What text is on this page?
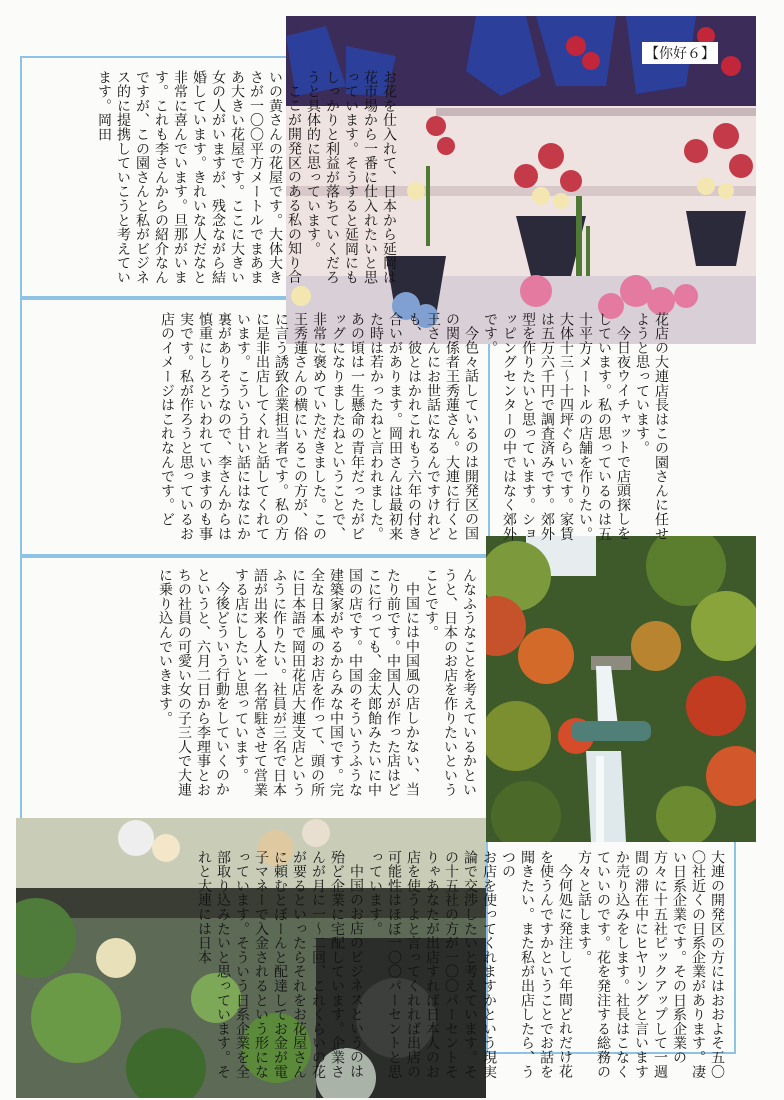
【你好６】

お花を仕入れて、日本から延岡は花市場から一番に仕入れたいと思っています。そうすると延岡にもしっかりと利益が落ちていくだろうと具体的に思っています。

ここが開発区のある私の知り合いの黄さんの花屋です。大体大きさが一〇〇平方メートルでまあまあ大きい花屋です。ここに大きい女の人がいますが、残念ながら結婚しています。きれいな人だなと非常に喜んでいます。旦那がいます。これも李さんからの紹介なんですが、この園さんと私がビジネス的に提携していこうと考えています。岡田

花店の大連店長はこの園さんに任せようと思っています。

今日夜ウイチャットで店頭探しをしています。私の思っているのは五十平方メートルの店舗を作りたい。大体十三〜十四坪ぐらいです。家賃は五万六千円で調査済みです。郊外型を作りたいと思っています。ショッピングセンターの中ではなく郊外です。

今色々話しているのは開発区の国の関係者王秀蓮さん。大連に行くと王さんにお世話になるんですけれども、彼とはかれこれもう六年の付き合いがあります。岡田さんは最初来た時は若かったねと言われました。あの頃は一生懸命の青年だったがビッグになりましたねということで、非常に褒めていただきました。この王秀蓮さんの横にいるこの方が、俗に言う誘致企業担当者です。私の方に是非出店してくれと話してくれています。こういう甘い話にはなにか裏がありそうなので、李さんからは慎重にしろといわれていますのも事実です。私が作ろうと思っているお店のイメージはこれなんです。ど

んなふうなことを考えているかというと、日本のお店を作りたいということです。

中国には中国風の店しかない、当たり前です。中国人が作った店はどこに行っても、金太郎飴みたいに中国の店です。中国のそういうふうな建築家がやるからみな中国です。完全な日本風のお店を作って、頭の所に日本語で岡田花店大連支店というふうに作りたい。社員が三名で日本語が出来る人を一名常駐させて営業する店にしたいと思っています。

今後どういう行動をしていくのかというと、六月二日から李理事とおちの社員の可愛い女の子三人で大連に乗り込んでいきます。

大連の開発区の方にはおおよそ五〇〇社近くの日系企業があります。凄い日系企業です。その日系企業の方々に十五社ピックアップして一週間の滞在中にヒヤリングと言いますか売り込みをします。社長はこなくていいのです。花を発注する総務の方々と話します。

今何処に発注して年間どれだけ花を使うんですかということでお話を聞きたい。また私が出店したら、うつの

お店を使ってくれますかという現実論で交渉したいと考えています。その十五社の方が一〇〇パーセントそりゃあなたが出店すれば日本人のお店を使うよと言ってくれれば出店の可能性はほぼ一〇〇パーセントと思っています。

中国のお店のビジネスというのは殆ど企業に宅配しています。企業さんが月に一〜二回、これくらいの花が要るといったらそれをお花屋さんに頼むとぼーんと配達してお金が電子マネーで入金されるという形になっています。そういう日系企業を全部取り込みたいと思っています。それと大連には日本
